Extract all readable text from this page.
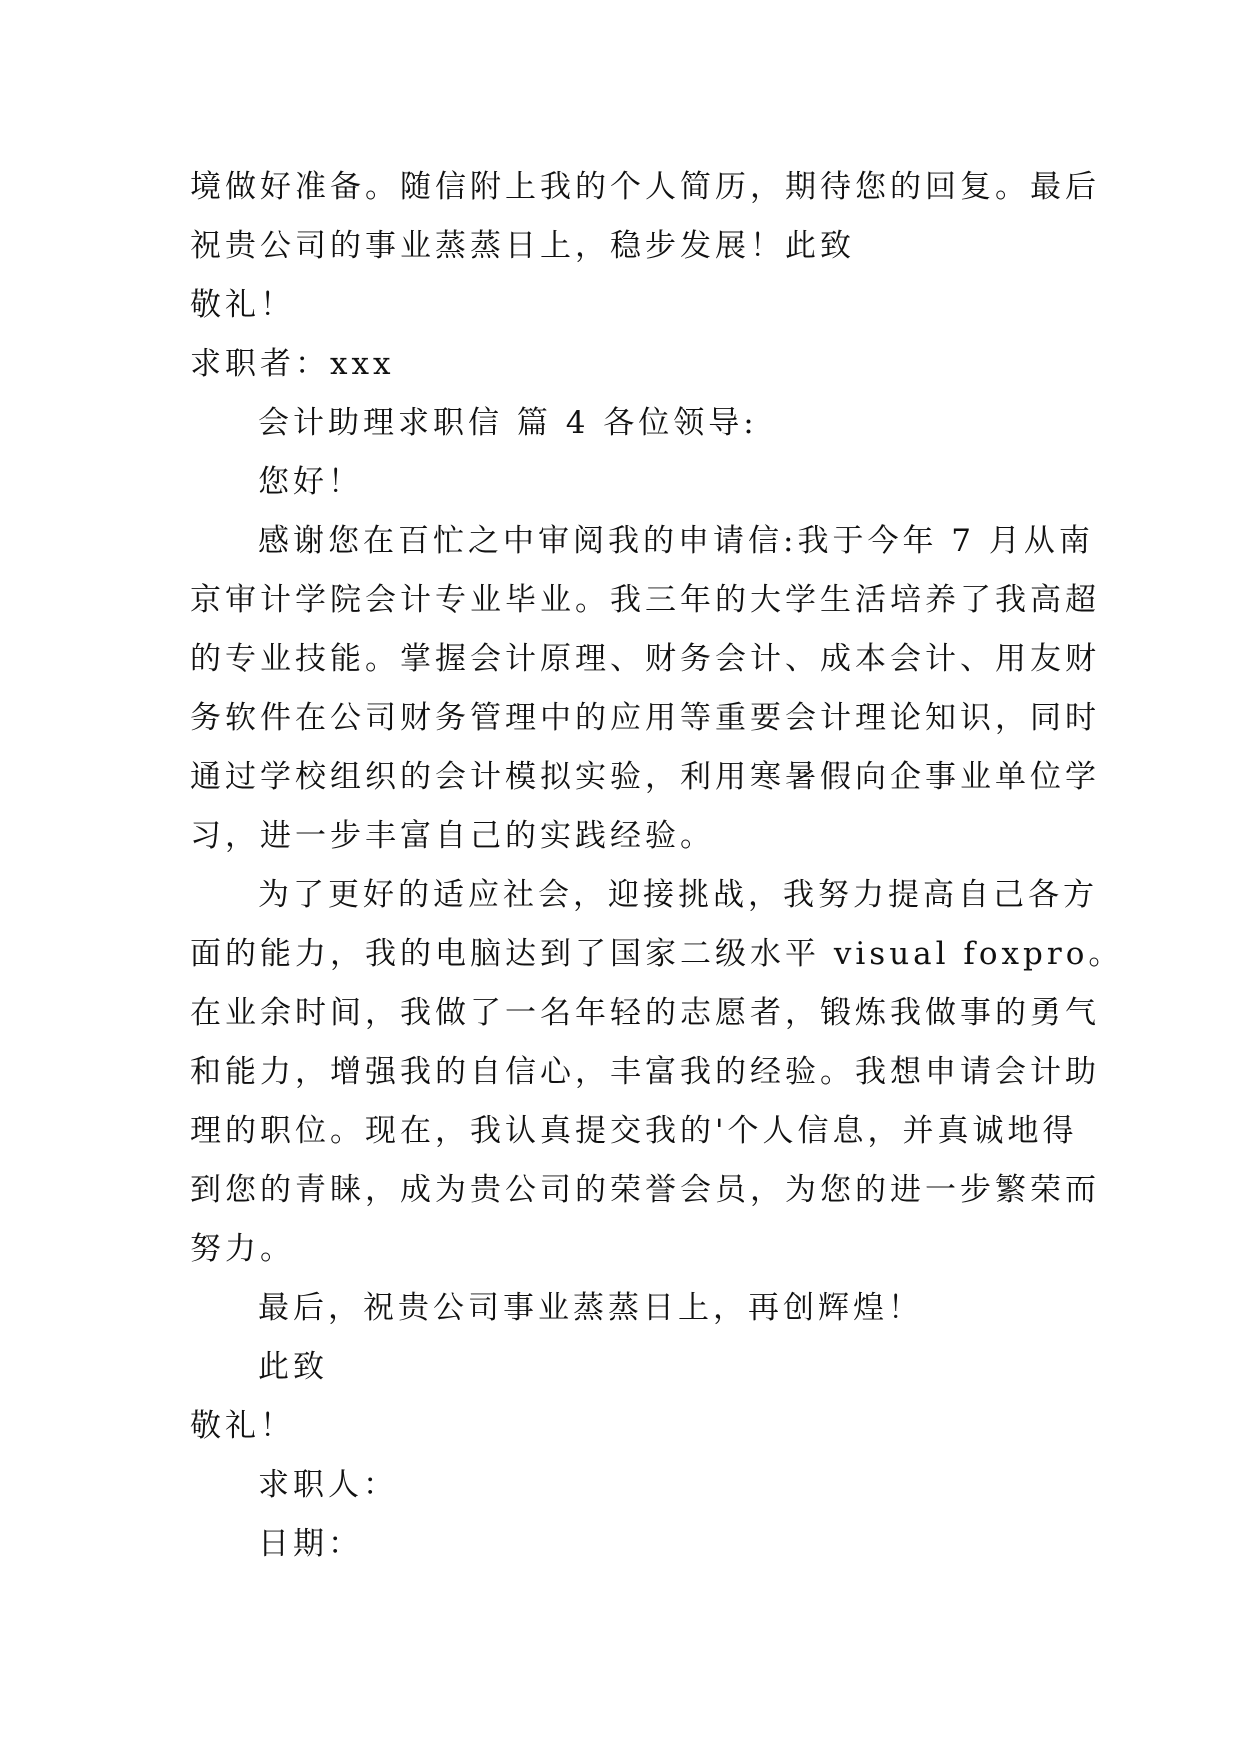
境做好准备。随信附上我的个人简历，期待您的回复。最后
祝贵公司的事业蒸蒸日上，稳步发展！此致
敬礼！
求职者：xxx
会计助理求职信 篇 4 各位领导:
您好！
感谢您在百忙之中审阅我的申请信:我于今年 7 月从南
京审计学院会计专业毕业。我三年的大学生活培养了我高超
的专业技能。掌握会计原理、财务会计、成本会计、用友财
务软件在公司财务管理中的应用等重要会计理论知识，同时
通过学校组织的会计模拟实验，利用寒暑假向企事业单位学
习，进一步丰富自己的实践经验。
为了更好的适应社会，迎接挑战，我努力提高自己各方
面的能力，我的电脑达到了国家二级水平 visual foxpro。
在业余时间，我做了一名年轻的志愿者，锻炼我做事的勇气
和能力，增强我的自信心，丰富我的经验。我想申请会计助
理的职位。现在，我认真提交我的'个人信息，并真诚地得
到您的青睐，成为贵公司的荣誉会员，为您的进一步繁荣而
努力。
最后，祝贵公司事业蒸蒸日上，再创辉煌！
此致
敬礼！
求职人：
日期：
